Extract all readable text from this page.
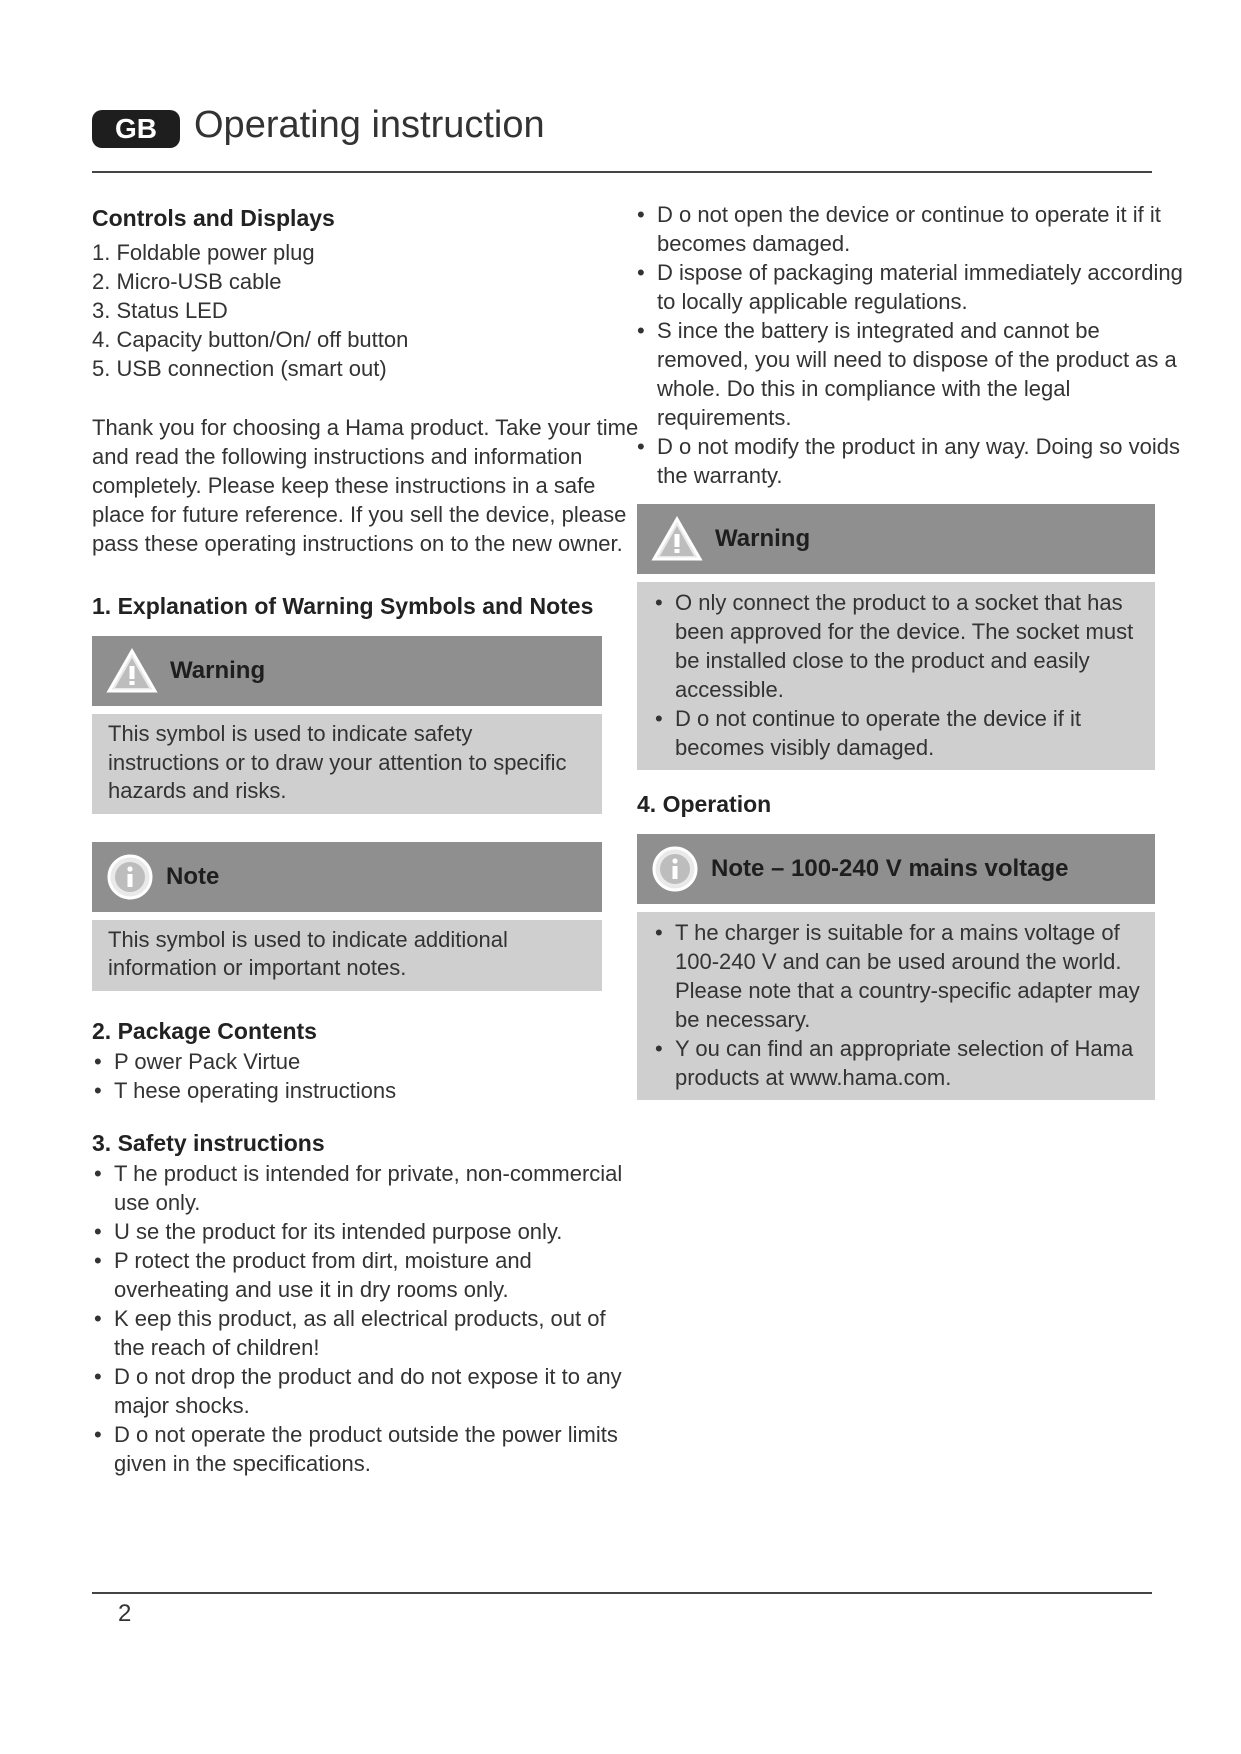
GB Operating instruction
Controls and Displays
1. Foldable power plug
2. Micro-USB cable
3. Status LED
4. Capacity button/On/ off button
5. USB connection (smart out)
Thank you for choosing a Hama product. Take your time and read the following instructions and information completely. Please keep these instructions in a safe place for future reference. If you sell the device, please pass these operating instructions on to the new owner.
1. Explanation of Warning Symbols and Notes
Warning
This symbol is used to indicate safety instructions or to draw your attention to specific hazards and risks.
Note
This symbol is used to indicate additional information or important notes.
2. Package Contents
• P ower Pack Virtue
• T hese operating instructions
3. Safety instructions
• T he product is intended for private, non-commercial use only.
• U se the product for its intended purpose only.
• P rotect the product from dirt, moisture and overheating and use it in dry rooms only.
• K eep this product, as all electrical products, out of the reach of children!
• D o not drop the product and do not expose it to any major shocks.
• D o not operate the product outside the power limits given in the specifications.
• D o not open the device or continue to operate it if it becomes damaged.
• D ispose of packaging material immediately according to locally applicable regulations.
• S ince the battery is integrated and cannot be removed, you will need to dispose of the product as a whole. Do this in compliance with the legal requirements.
• D o not modify the product in any way. Doing so voids the warranty.
Warning
• O nly connect the product to a socket that has been approved for the device. The socket must be installed close to the product and easily accessible.
• D o not continue to operate the device if it becomes visibly damaged.
4. Operation
Note – 100-240 V mains voltage
• T he charger is suitable for a mains voltage of 100-240 V and can be used around the world. Please note that a country-specific adapter may be necessary.
• Y ou can find an appropriate selection of Hama products at www.hama.com.
2
